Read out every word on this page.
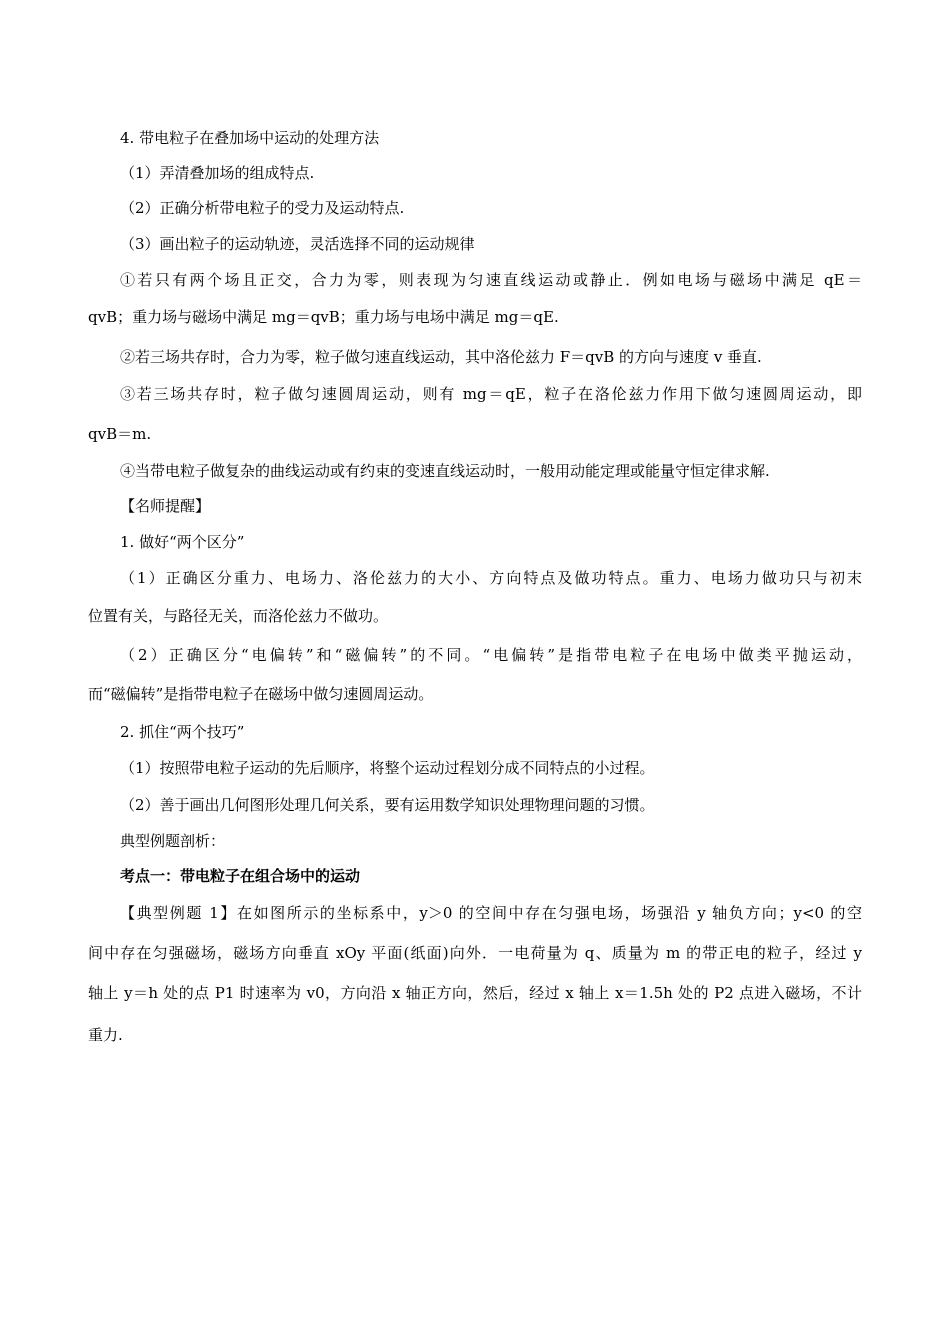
4. 带电粒子在叠加场中运动的处理方法
（1）弄清叠加场的组成特点.
（2）正确分析带电粒子的受力及运动特点.
（3）画出粒子的运动轨迹，灵活选择不同的运动规律
①若只有两个场且正交，合力为零，则表现为匀速直线运动或静止．例如电场与磁场中满足 qE＝
qvB；重力场与磁场中满足 mg＝qvB；重力场与电场中满足 mg＝qE.
②若三场共存时，合力为零，粒子做匀速直线运动，其中洛伦兹力 F＝qvB 的方向与速度 v 垂直.
③若三场共存时，粒子做匀速圆周运动，则有 mg＝qE，粒子在洛伦兹力作用下做匀速圆周运动，即
qvB＝m.
④当带电粒子做复杂的曲线运动或有约束的变速直线运动时，一般用动能定理或能量守恒定律求解.
【名师提醒】
1. 做好“两个区分”
（1）正确区分重力、电场力、洛伦兹力的大小、方向特点及做功特点。重力、电场力做功只与初末
位置有关，与路径无关，而洛伦兹力不做功。
（2）正确区分“电偏转”和“磁偏转”的不同。“电偏转”是指带电粒子在电场中做类平抛运动，
而“磁偏转”是指带电粒子在磁场中做匀速圆周运动。
2. 抓住“两个技巧”
（1）按照带电粒子运动的先后顺序，将整个运动过程划分成不同特点的小过程。
（2）善于画出几何图形处理几何关系，要有运用数学知识处理物理问题的习惯。
典型例题剖析：
考点一：带电粒子在组合场中的运动
【典型例题 1】在如图所示的坐标系中，y＞0 的空间中存在匀强电场，场强沿 y 轴负方向；y<0 的空
间中存在匀强磁场，磁场方向垂直 xOy 平面(纸面)向外．一电荷量为 q、质量为 m 的带正电的粒子，经过 y
轴上 y＝h 处的点 P1 时速率为 v0，方向沿 x 轴正方向，然后，经过 x 轴上 x＝1.5h 处的 P2 点进入磁场，不计
重力.
